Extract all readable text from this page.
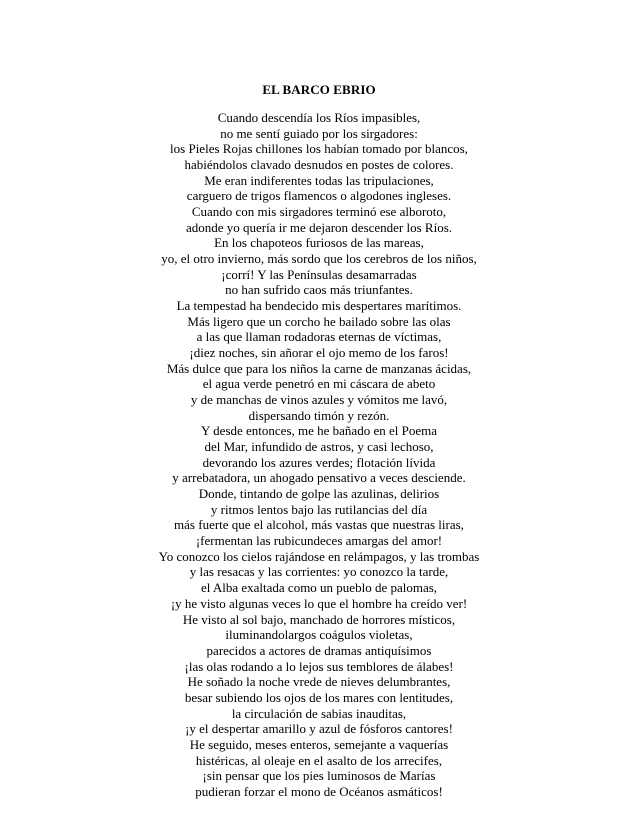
EL BARCO EBRIO
Cuando descendía los Ríos impasibles,
no me sentí guiado por los sirgadores:
los Pieles Rojas chillones los habían tomado por blancos,
habiéndolos clavado desnudos en postes de colores.
Me eran indiferentes todas las tripulaciones,
carguero de trigos flamencos o algodones ingleses.
Cuando con mis sirgadores terminó ese alboroto,
adonde yo quería ir me dejaron descender los Ríos.
En los chapoteos furiosos de las mareas,
yo, el otro invierno, más sordo que los cerebros de los niños,
¡corrí! Y las Penínsulas desamarradas
no han sufrido caos más triunfantes.
La tempestad ha bendecido mis despertares marítimos.
Más ligero que un corcho he bailado sobre las olas
a las que llaman rodadoras eternas de víctimas,
¡diez noches, sin añorar el ojo memo de los faros!
Más dulce que para los niños la carne de manzanas ácidas,
el agua verde penetró en mi cáscara de abeto
y de manchas de vinos azules y vómitos me lavó,
dispersando timón y rezón.
Y desde entonces, me he bañado en el Poema
del Mar, infundido de astros, y casi lechoso,
devorando los azures verdes; flotación lívida
y arrebatadora, un ahogado pensativo a veces desciende.
Donde, tintando de golpe las azulinas, delirios
y ritmos lentos bajo las rutilancias del día
más fuerte que el alcohol, más vastas que nuestras liras,
¡fermentan las rubicundeces amargas del amor!
Yo conozco los cielos rajándose en relámpagos, y las trombas
y las resacas y las corrientes: yo conozco la tarde,
el Alba exaltada como un pueblo de palomas,
¡y he visto algunas veces lo que el hombre ha creído ver!
He visto al sol bajo, manchado de horrores místicos,
iluminandolargos coágulos violetas,
parecidos a actores de dramas antiquísimos
¡las olas rodando a lo lejos sus temblores de álabes!
He soñado la noche vrede de nieves delumbrantes,
besar subiendo los ojos de los mares con lentitudes,
la circulación de sabias inauditas,
¡y el despertar amarillo y azul de fósforos cantores!
He seguido, meses enteros, semejante a vaquerías
histéricas, al oleaje en el asalto de los arrecifes,
¡sin pensar que los pies luminosos de Marías
pudieran forzar el mono de Océanos asmáticos!
